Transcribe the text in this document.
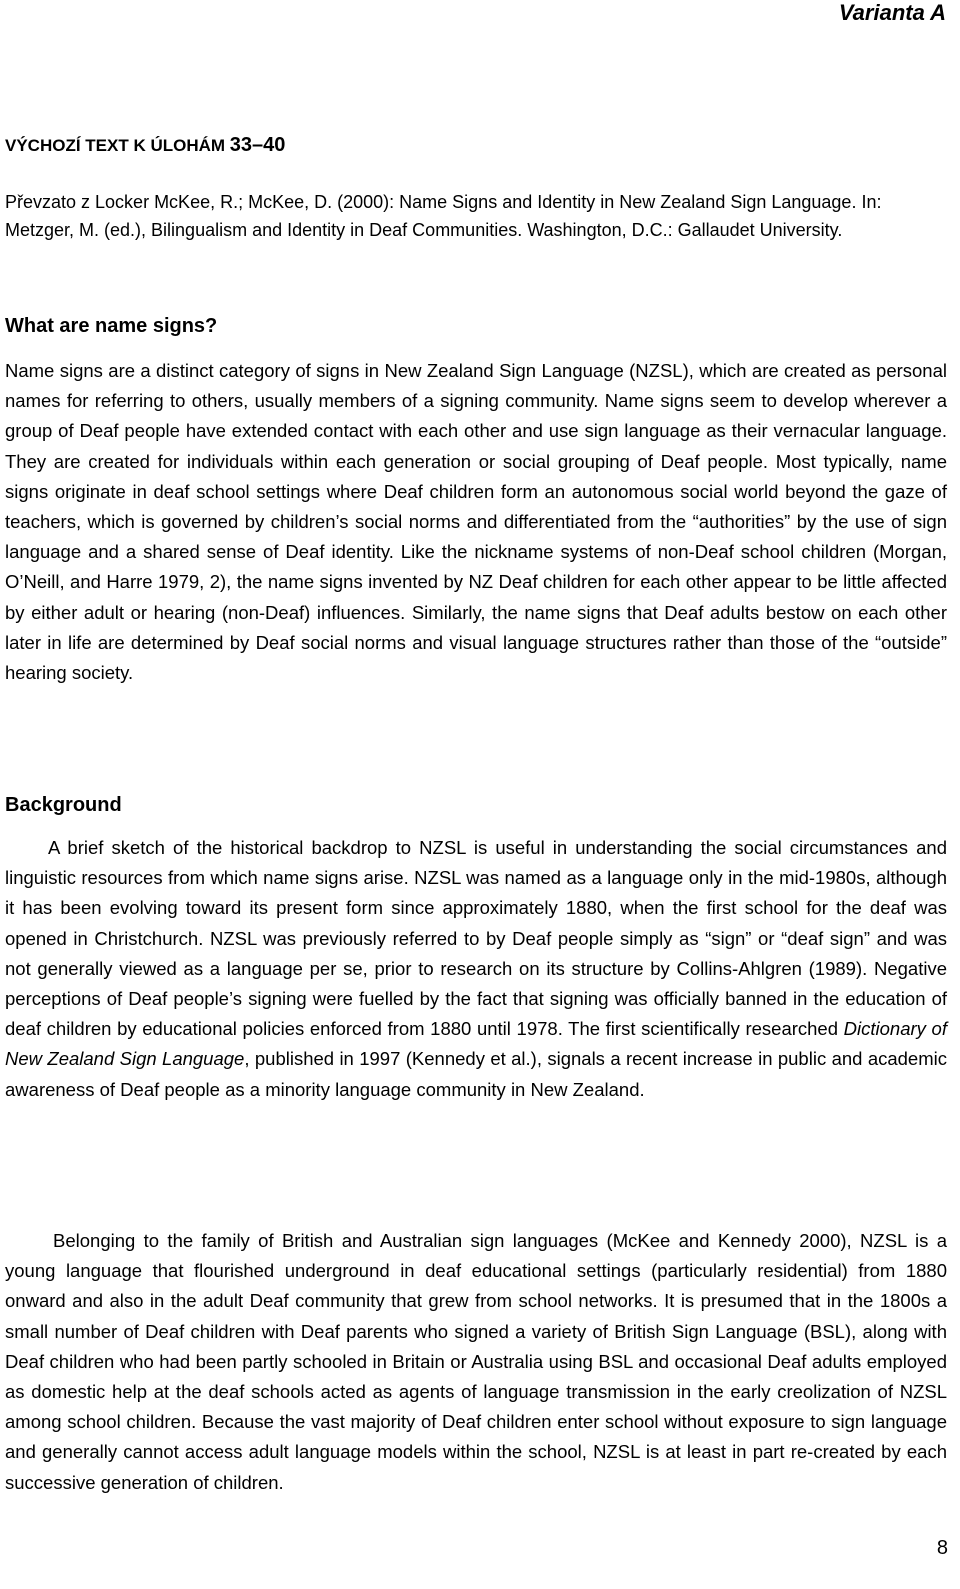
Varianta A
VÝCHOZÍ TEXT K ÚLOHÁM 33–40

Převzato z Locker McKee, R.; McKee, D. (2000): Name Signs and Identity in New Zealand Sign Language. In: Metzger, M. (ed.), Bilingualism and Identity in Deaf Communities. Washington, D.C.: Gallaudet University.

What are name signs?

Name signs are a distinct category of signs in New Zealand Sign Language (NZSL), which are created as personal names for referring to others, usually members of a signing community. Name signs seem to develop wherever a group of Deaf people have extended contact with each other and use sign language as their vernacular language. They are created for individuals within each generation or social grouping of Deaf people. Most typically, name signs originate in deaf school settings where Deaf children form an autonomous social world beyond the gaze of teachers, which is governed by children’s social norms and differentiated from the “authorities” by the use of sign language and a shared sense of Deaf identity. Like the nickname systems of non-Deaf school children (Morgan, O’Neill, and Harre 1979, 2), the name signs invented by NZ Deaf children for each other appear to be little affected by either adult or hearing (non-Deaf) influences. Similarly, the name signs that Deaf adults bestow on each other later in life are determined by Deaf social norms and visual language structures rather than those of the “outside” hearing society.

Background

A brief sketch of the historical backdrop to NZSL is useful in understanding the social circumstances and linguistic resources from which name signs arise. NZSL was named as a language only in the mid-1980s, although it has been evolving toward its present form since approximately 1880, when the first school for the deaf was opened in Christchurch. NZSL was previously referred to by Deaf people simply as “sign” or “deaf sign” and was not generally viewed as a language per se, prior to research on its structure by Collins-Ahlgren (1989). Negative perceptions of Deaf people’s signing were fuelled by the fact that signing was officially banned in the education of deaf children by educational policies enforced from 1880 until 1978. The first scientifically researched Dictionary of New Zealand Sign Language, published in 1997 (Kennedy et al.), signals a recent increase in public and academic awareness of Deaf people as a minority language community in New Zealand.

Belonging to the family of British and Australian sign languages (McKee and Kennedy 2000), NZSL is a young language that flourished underground in deaf educational settings (particularly residential) from 1880 onward and also in the adult Deaf community that grew from school networks. It is presumed that in the 1800s a small number of Deaf children with Deaf parents who signed a variety of British Sign Language (BSL), along with Deaf children who had been partly schooled in Britain or Australia using BSL and occasional Deaf adults employed as domestic help at the deaf schools acted as agents of language transmission in the early creolization of NZSL among school children. Because the vast majority of Deaf children enter school without exposure to sign language and generally cannot access adult language models within the school, NZSL is at least in part re-created by each successive generation of children.

8
